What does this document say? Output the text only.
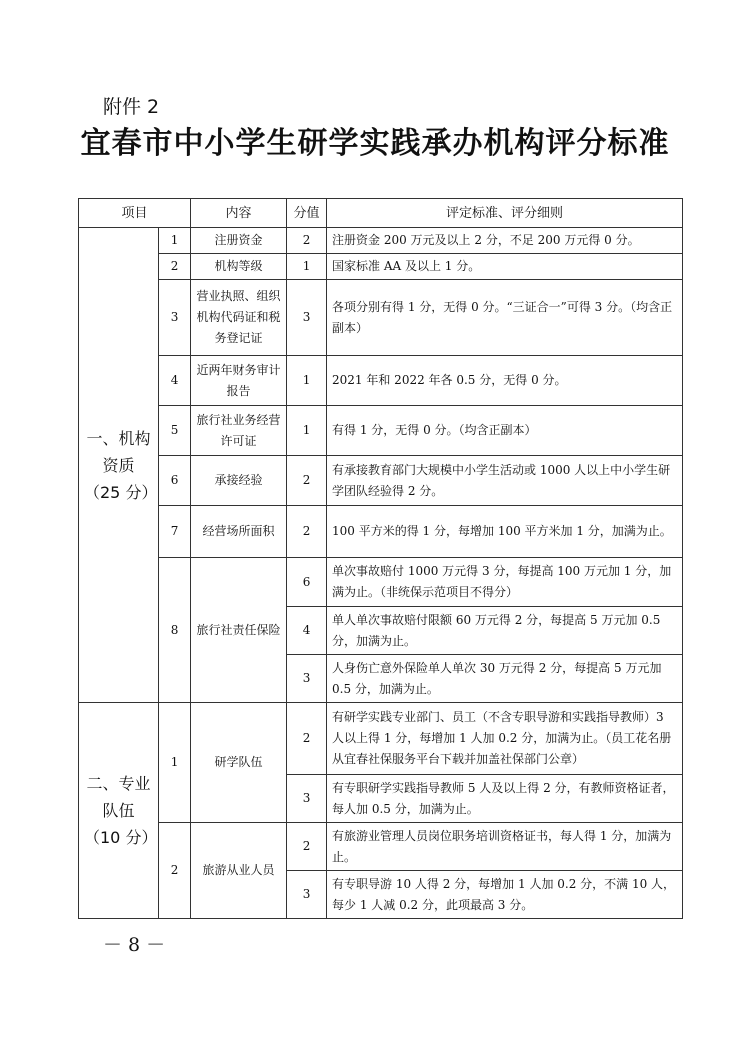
附件 2
宜春市中小学生研学实践承办机构评分标准
项目		内容	分值	评定标准、评分细则
一、机构
资质
（25 分）	1	注册资金	2	注册资金 200 万元及以上 2 分，不足 200 万元得 0 分。
	2	机构等级	1	国家标准 AA 及以上 1 分。
	3	营业执照、组织机构代码证和税务登记证	3	各项分别有得 1 分，无得 0 分。“三证合一”可得 3 分。（均含正副本）
	4	近两年财务审计报告	1	2021 年和 2022 年各 0.5 分，无得 0 分。
	5	旅行社业务经营许可证	1	有得 1 分，无得 0 分。（均含正副本）
	6	承接经验	2	有承接教育部门大规模中小学生活动或 1000 人以上中小学生研学团队经验得 2 分。
	7	经营场所面积	2	100 平方米的得 1 分，每增加 100 平方米加 1 分，加满为止。
	8	旅行社责任保险	6	单次事故赔付 1000 万元得 3 分，每提高 100 万元加 1 分，加满为止。（非统保示范项目不得分）
			4	单人单次事故赔付限额 60 万元得 2 分，每提高 5 万元加 0.5 分，加满为止。
			3	人身伤亡意外保险单人单次 30 万元得 2 分，每提高 5 万元加 0.5 分，加满为止。
二、专业
队伍
（10 分）	1	研学队伍	2	有研学实践专业部门、员工（不含专职导游和实践指导教师）3 人以上得 1 分，每增加 1 人加 0.2 分，加满为止。（员工花名册从宜春社保服务平台下载并加盖社保部门公章）
			3	有专职研学实践指导教师 5 人及以上得 2 分，有教师资格证者，每人加 0.5 分，加满为止。
	2	旅游从业人员	2	有旅游业管理人员岗位职务培训资格证书，每人得 1 分，加满为止。
			3	有专职导游 10 人得 2 分，每增加 1 人加 0.2 分，不满 10 人，每少 1 人减 0.2 分，此项最高 3 分。
－ 8 －
